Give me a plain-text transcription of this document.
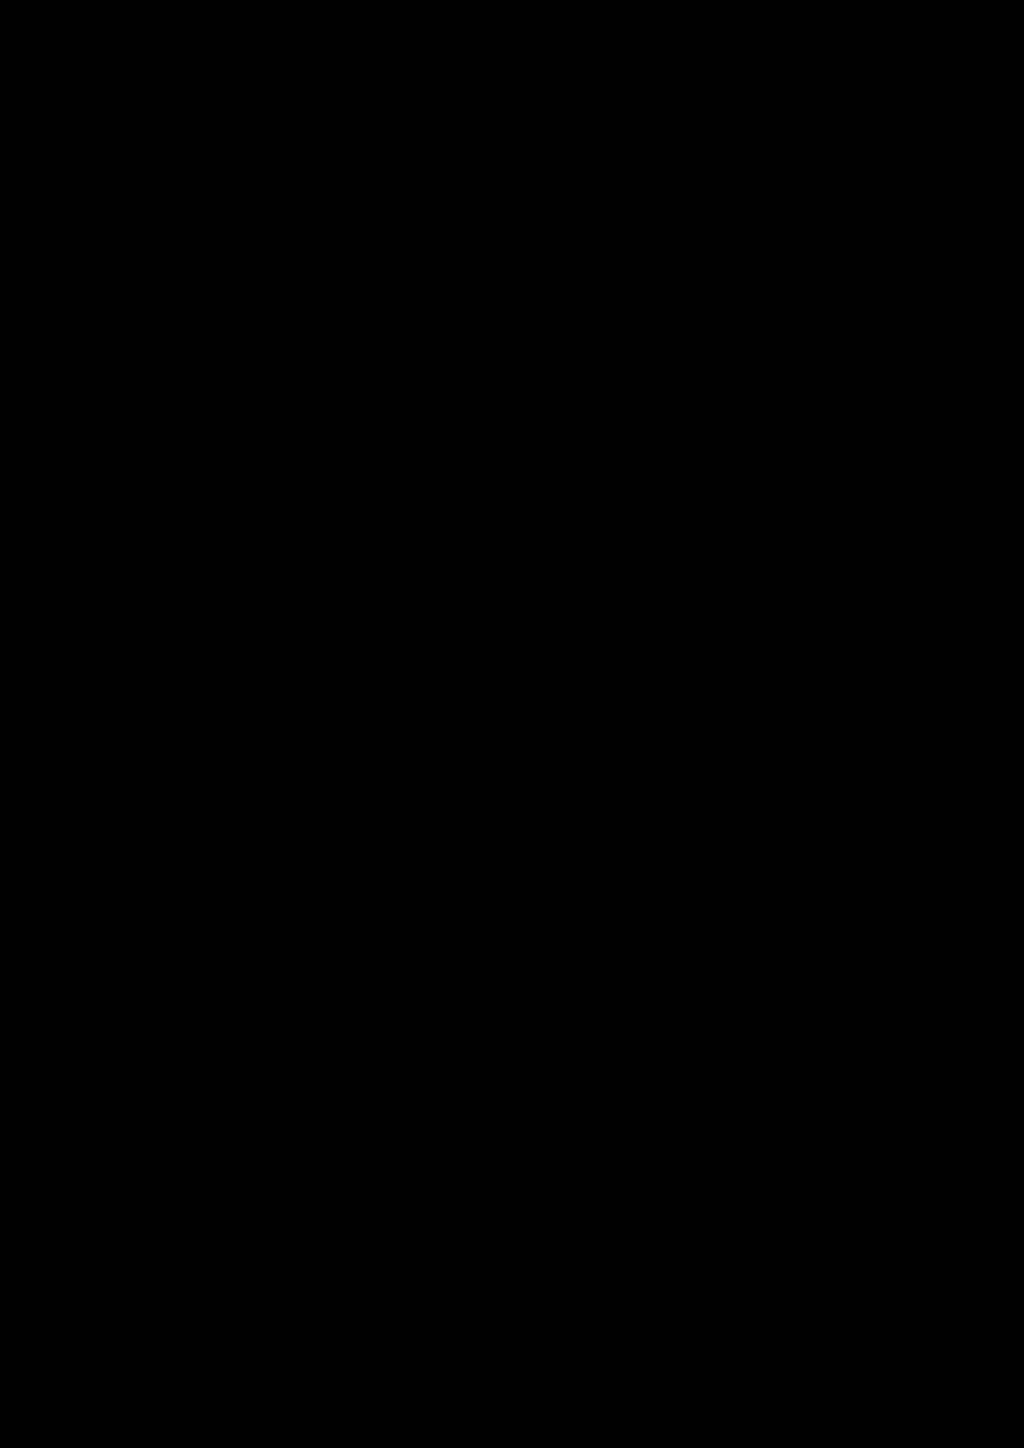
12 (14)

Käsillä olevassa asiassa esitetystä valvontaohjelmiston lokitiedosto-otteesta (hakijan kirjallinen todiste 11) ilmenee, että sarakkeessa ”Teoksen koepalat” ilmoitettu luku on pääsääntöisesti alle kymmenen tai joitakin kymmeniä. Ainoastaan yhden havainnon osalta tässä sarakkeessa oleva luku on enemmän kuin sata. Tämä luku on 1.605. Saman IP-osoitteen osalta liitteestä ilmenee kohdassa ”Tarkastetut teokset” luku 3 ja kohdassa ”Aika” luku 40.

Asiassa ei ole esitetty mitään varsinaista selvitystä siitä, miten hakijan mainitsema valvontaohjelmisto toimii tai on toiminut saadakseen aikaan edellä mainitut lokitiedosto-otteet. Se, miten ohjelma on toiminut ja mitä johtopäätöksiä mainituista luvuista ja muista lokitiedoston otteesta ilmenevistä luvuista tulisi tehdä, on yksinomaan hakijan omien ilmoitusten varassa.

Hakijan ilmoituksen mukaan teoksen koepaloja on saatu joko niin, että liittymän kautta toimiva BitTorrent-ohjelma ottaa aktiivisesti yhteyden valvontaohjelmaan, tai niin, että valvontaohjelma ottaa yhteyden internetliittymään ja sitä kautta BitTorrent-ohjelmaan. Etenkin viimeksi mainitussa tapauksessa valvontaohjelmaan on voitu lähtökohtaisesti itse määrittää, kuinka usein se pyrkii ottamaan yhteyttä teleliittymään, eikä asiassa ole esitetty selvitystä siitä, kuinka koepalojen määrä on jakautunut kyseisten seurantatapojen kesken. Esitetystä selvityksestä ei myöskään käy ilmi, kuinka usein tai millä aikavälillä liitteessä todettujen yksittäisten teosten koepaloja on ladattu. Markkinaoikeus katsoo, että tässä tilanteessa kyseisten koepalojen määrästä ei ole sellaisenaan pääteltävissä, kuinka toistuvaa tai pitkäkestoista teleliittymästä tapahtunut yleisön saataviin saattaminen on ollut.

Kun edellä selostetun lisäksi otetaan huomioon edellä viitatuista markkinaoikeuden ratkaisuista ilmenevät vastaavasta selvityksestä ja koepalojen lukumäärästä tehtäviin johtopäätöksiin liittyvät muut epävarmuustekijät, asiassa on katsottava jääneen selvittämättä, että yhdestäkään hakemuksessa tarkoitetusta IP-osoitteesta olisi saatettu yleisön saataviin tekijänoikeudella suojattua aineistoa tekijänoikeuslain 60 a §:ssä tarkoitetulla tavalla merkittävässä määrin. Hakemus on näin ollen hylättävä.

Asiaan osallisen vaatimus täytäntöönpanokulujen korvausvelvollisuuden vahvistamisesta

Elisa Oyj on vaatinut, että markkinaoikeus vahvistaa hakijan yleisen velvollisuuden korvata sille luovuttamismääräyksen täytäntöönpanosta aiheutuvat kulut ja kustannukset.

Markkinaoikeus toteaa, että tekijänoikeuslain 60 a §:n 3 momentin nojalla välittäjänä toimivalle palveluntarjoajalle on korvattava tietojen luovuttamismääräyksen täytäntöönpanosta aiheutuneet kulut sekä
